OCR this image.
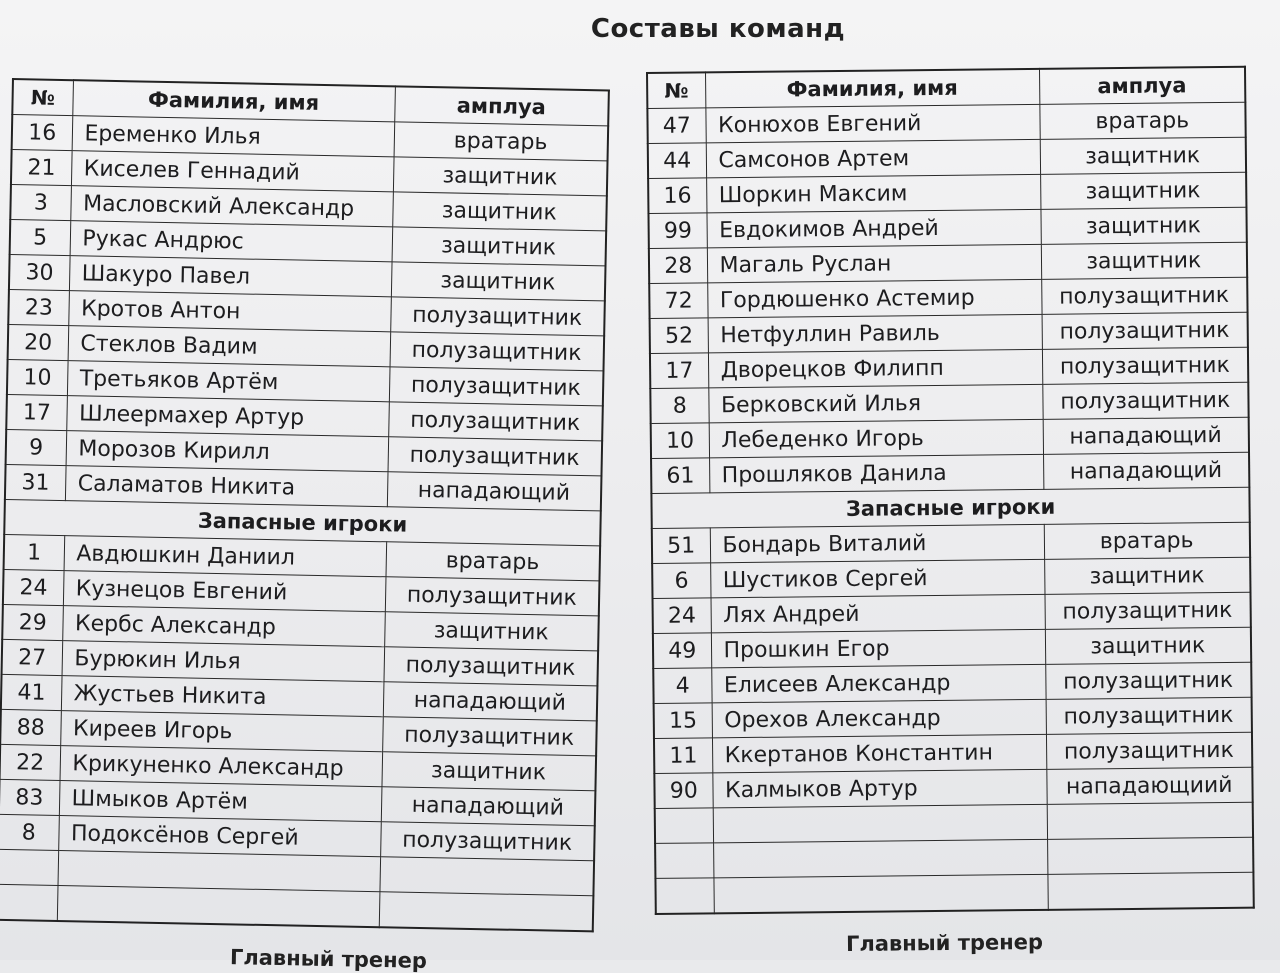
Составы команд
№	Фамилия, имя	амплуа
16	Еременко Илья	вратарь
21	Киселев Геннадий	защитник
3	Масловский Александр	защитник
5	Рукас Андрюс	защитник
30	Шакуро Павел	защитник
23	Кротов Антон	полузащитник
20	Стеклов Вадим	полузащитник
10	Третьяков Артём	полузащитник
17	Шлеермахер Артур	полузащитник
9	Морозов Кирилл	полузащитник
31	Саламатов Никита	нападающий
Запасные игроки		
1	Авдюшкин Даниил	вратарь
24	Кузнецов Евгений	полузащитник
29	Кербс Александр	защитник
27	Бурюкин Илья	полузащитник
41	Жустьев Никита	нападающий
88	Киреев Игорь	полузащитник
22	Крикуненко Александр	защитник
83	Шмыков Артём	нападающий
8	Подоксёнов Сергей	полузащитник

№	Фамилия, имя	амплуа
47	Конюхов Евгений	вратарь
44	Самсонов Артем	защитник
16	Шоркин Максим	защитник
99	Евдокимов Андрей	защитник
28	Магаль Руслан	защитник
72	Гордюшенко Астемир	полузащитник
52	Нетфуллин Равиль	полузащитник
17	Дворецков Филипп	полузащитник
8	Берковский Илья	полузащитник
10	Лебеденко Игорь	нападающий
61	Прошляков Данила	нападающий
Запасные игроки		
51	Бондарь Виталий	вратарь
6	Шустиков Сергей	защитник
24	Лях Андрей	полузащитник
49	Прошкин Егор	защитник
4	Елисеев Александр	полузащитник
15	Орехов Александр	полузащитник
11	Ккертанов Константин	полузащитник
90	Калмыков Артур	нападающиий

Главный тренер
Главный тренер
